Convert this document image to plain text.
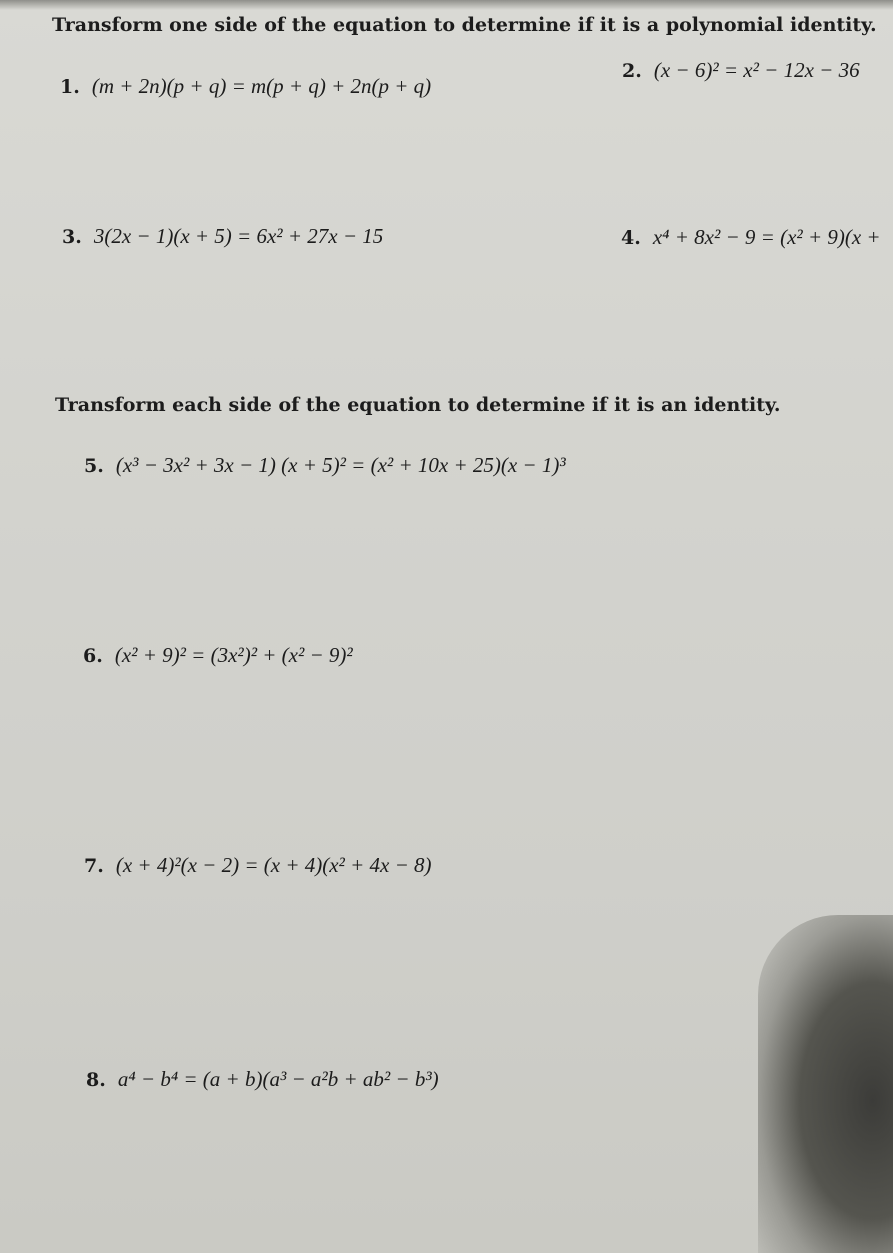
Transform one side of the equation to determine if it is a polynomial identity.
1. (m + 2n)(p + q) = m(p + q) + 2n(p + q)
2. (x − 6)² = x² − 12x − 36
3. 3(2x − 1)(x + 5) = 6x² + 27x − 15	4. x⁴ + 8x² − 9 = (x² + 9)(x +
Transform each side of the equation to determine if it is an identity.
5. (x³ − 3x² + 3x − 1) (x + 5)² = (x² + 10x + 25)(x − 1)³
6. (x² + 9)² = (3x²)² + (x² − 9)²
7. (x + 4)²(x − 2) = (x + 4)(x² + 4x − 8)
8. a⁴ − b⁴ = (a + b)(a³ − a²b + ab² − b³)
